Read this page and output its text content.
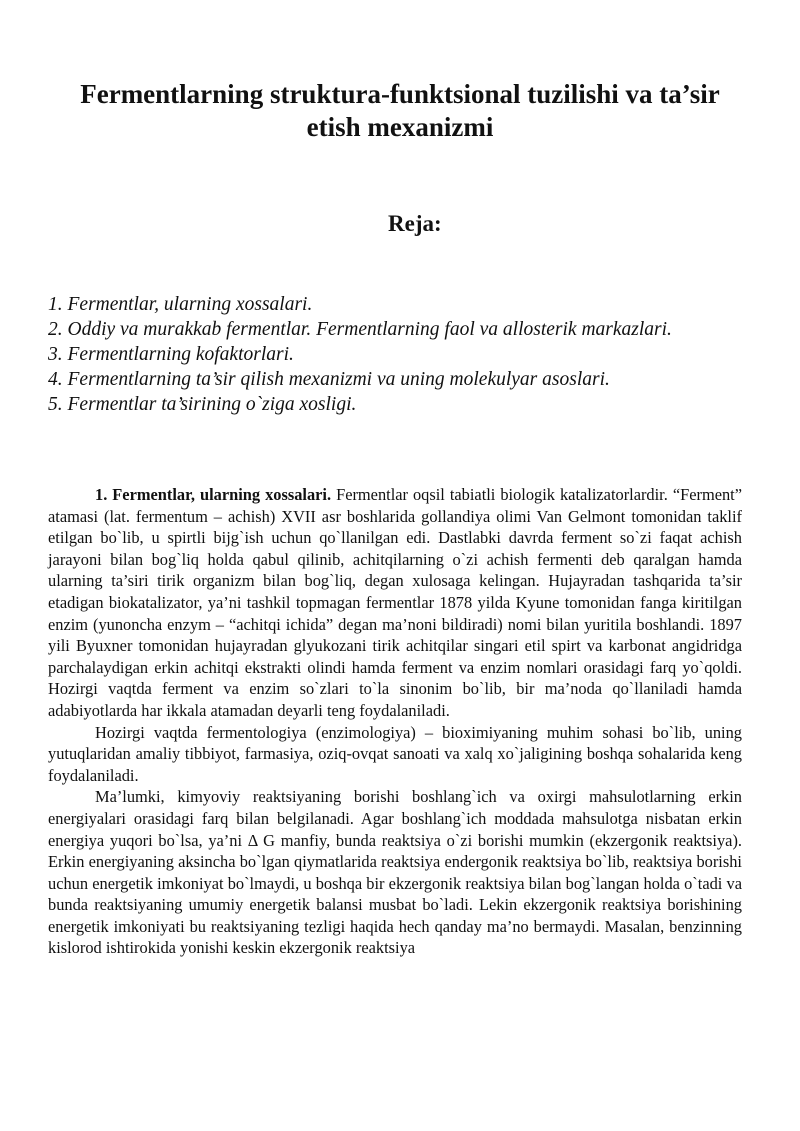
Fermentlarning struktura-funktsional tuzilishi va ta’sir etish mexanizmi
Reja:
1. Fermentlar, ularning xossalari.
2. Oddiy va murakkab fermentlar. Fermentlarning faol va allosterik markazlari.
3. Fermentlarning kofaktorlari.
4. Fermentlarning ta’sir qilish mexanizmi va uning molekulyar asoslari.
5. Fermentlar ta’sirining o`ziga xosligi.

1. Fermentlar, ularning xossalari. Fermentlar oqsil tabiatli biologik katalizatorlardir. “Ferment” atamasi (lat. fermentum – achish) XVII asr boshlarida gollandiya olimi Van Gelmont tomonidan taklif etilgan bo`lib, u spirtli bijg`ish uchun qo`llanilgan edi. Dastlabki davrda ferment so`zi faqat achish jarayoni bilan bog`liq holda qabul qilinib, achitqilarning o`zi achish fermenti deb qaralgan hamda ularning ta’siri tirik organizm bilan bog`liq, degan xulosaga kelingan. Hujayradan tashqarida ta’sir etadigan biokatalizator, ya’ni tashkil topmagan fermentlar 1878 yilda Kyune tomonidan fanga kiritilgan enzim (yunoncha enzym – “achitqi ichida” degan ma’noni bildiradi) nomi bilan yuritila boshlandi. 1897 yili Byuxner tomonidan hujayradan glyukozani tirik achitqilar singari etil spirt va karbonat angidridga parchalaydigan erkin achitqi ekstrakti olindi hamda ferment va enzim nomlari orasidagi farq yo`qoldi. Hozirgi vaqtda ferment va enzim so`zlari to`la sinonim bo`lib, bir ma’noda qo`llaniladi hamda adabiyotlarda har ikkala atamadan deyarli teng foydalaniladi.

Hozirgi vaqtda fermentologiya (enzimologiya) – bioximiyaning muhim sohasi bo`lib, uning yutuqlaridan amaliy tibbiyot, farmasiya, oziq-ovqat sanoati va xalq xo`jaligining boshqa sohalarida keng foydalaniladi.

Ma’lumki, kimyoviy reaktsiyaning borishi boshlang`ich va oxirgi mahsulotlarning erkin energiyalari orasidagi farq bilan belgilanadi. Agar boshlang`ich moddada mahsulotga nisbatan erkin energiya yuqori bo`lsa, ya’ni Δ G manfiy, bunda reaktsiya o`zi borishi mumkin (ekzergonik reaktsiya). Erkin energiyaning aksincha bo`lgan qiymatlarida reaktsiya endergonik reaktsiya bo`lib, reaktsiya borishi uchun energetik imkoniyat bo`lmaydi, u boshqa bir ekzergonik reaktsiya bilan bog`langan holda o`tadi va bunda reaktsiyaning umumiy energetik balansi musbat bo`ladi. Lekin ekzergonik reaktsiya borishining energetik imkoniyati bu reaktsiyaning tezligi haqida hech qanday ma’no bermaydi. Masalan, benzinning kislorod ishtirokida yonishi keskin ekzergonik reaktsiya
